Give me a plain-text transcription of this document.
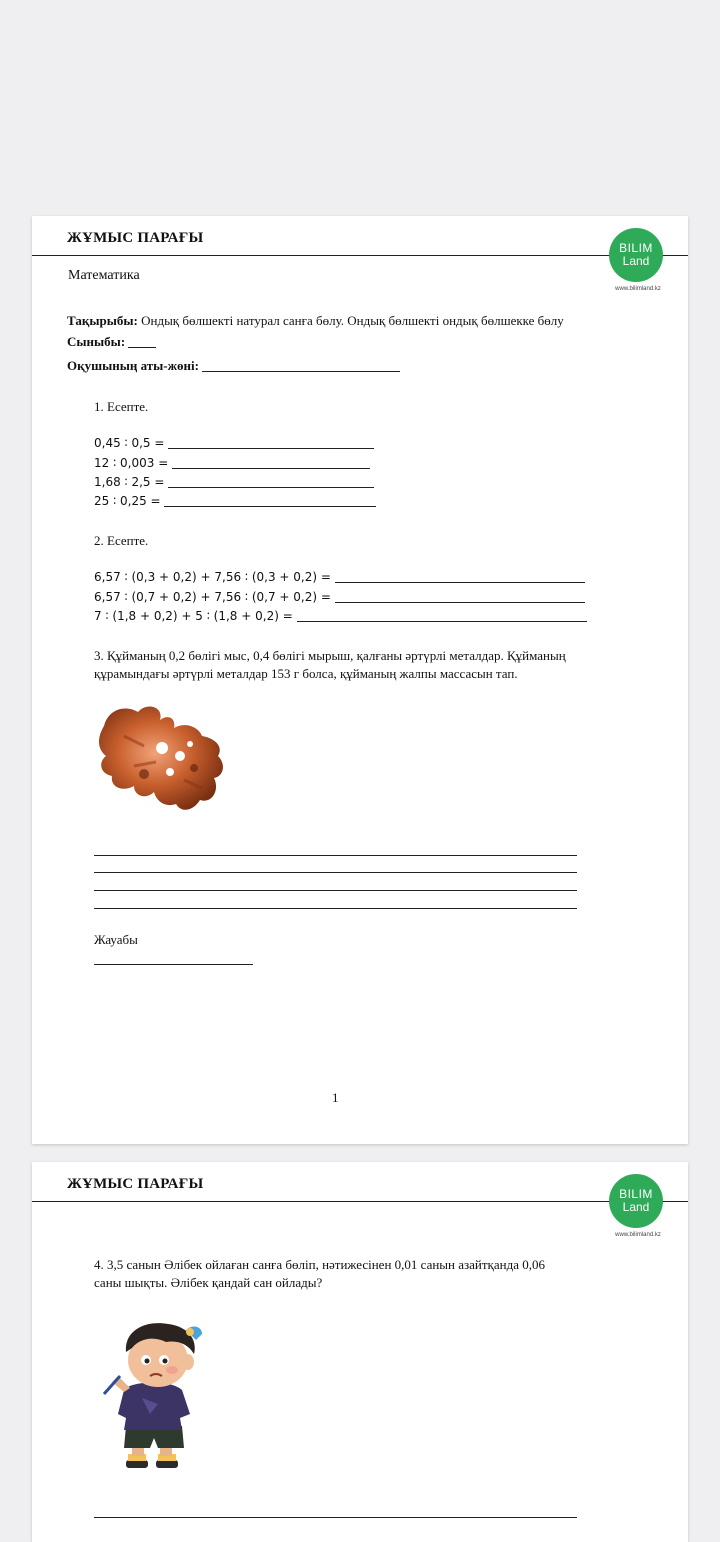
ЖҰМЫС ПАРАҒЫ
BILIM
Land
www.bilimland.kz
Математика
Тақырыбы: Ондық бөлшекті натурал санға бөлу. Ондық бөлшекті ондық бөлшекке бөлу
Сыныбы:
Оқушының аты-жөні:
1. Есепте.
0,45 ∶ 0,5 =
12 ∶ 0,003 =
1,68 ∶ 2,5 =
25 ∶ 0,25 =
2. Есепте.
6,57 ∶ (0,3 + 0,2) + 7,56 ∶ (0,3 + 0,2) =
6,57 ∶ (0,7 + 0,2) + 7,56 ∶ (0,7 + 0,2) =
7 ∶ (1,8 + 0,2) + 5 ∶ (1,8 + 0,2) =
3. Құйманың 0,2 бөлігі мыс, 0,4 бөлігі мырыш, қалғаны әртүрлі металдар. Құйманың
құрамындағы әртүрлі металдар 153 г болса, құйманың жалпы массасын тап.
Жауабы
1
ЖҰМЫС ПАРАҒЫ
BILIM
Land
www.bilimland.kz
4. 3,5 санын Әлібек ойлаған санға бөліп, нәтижесінен 0,01 санын азайтқанда 0,06
саны шықты. Әлібек қандай сан ойлады?
